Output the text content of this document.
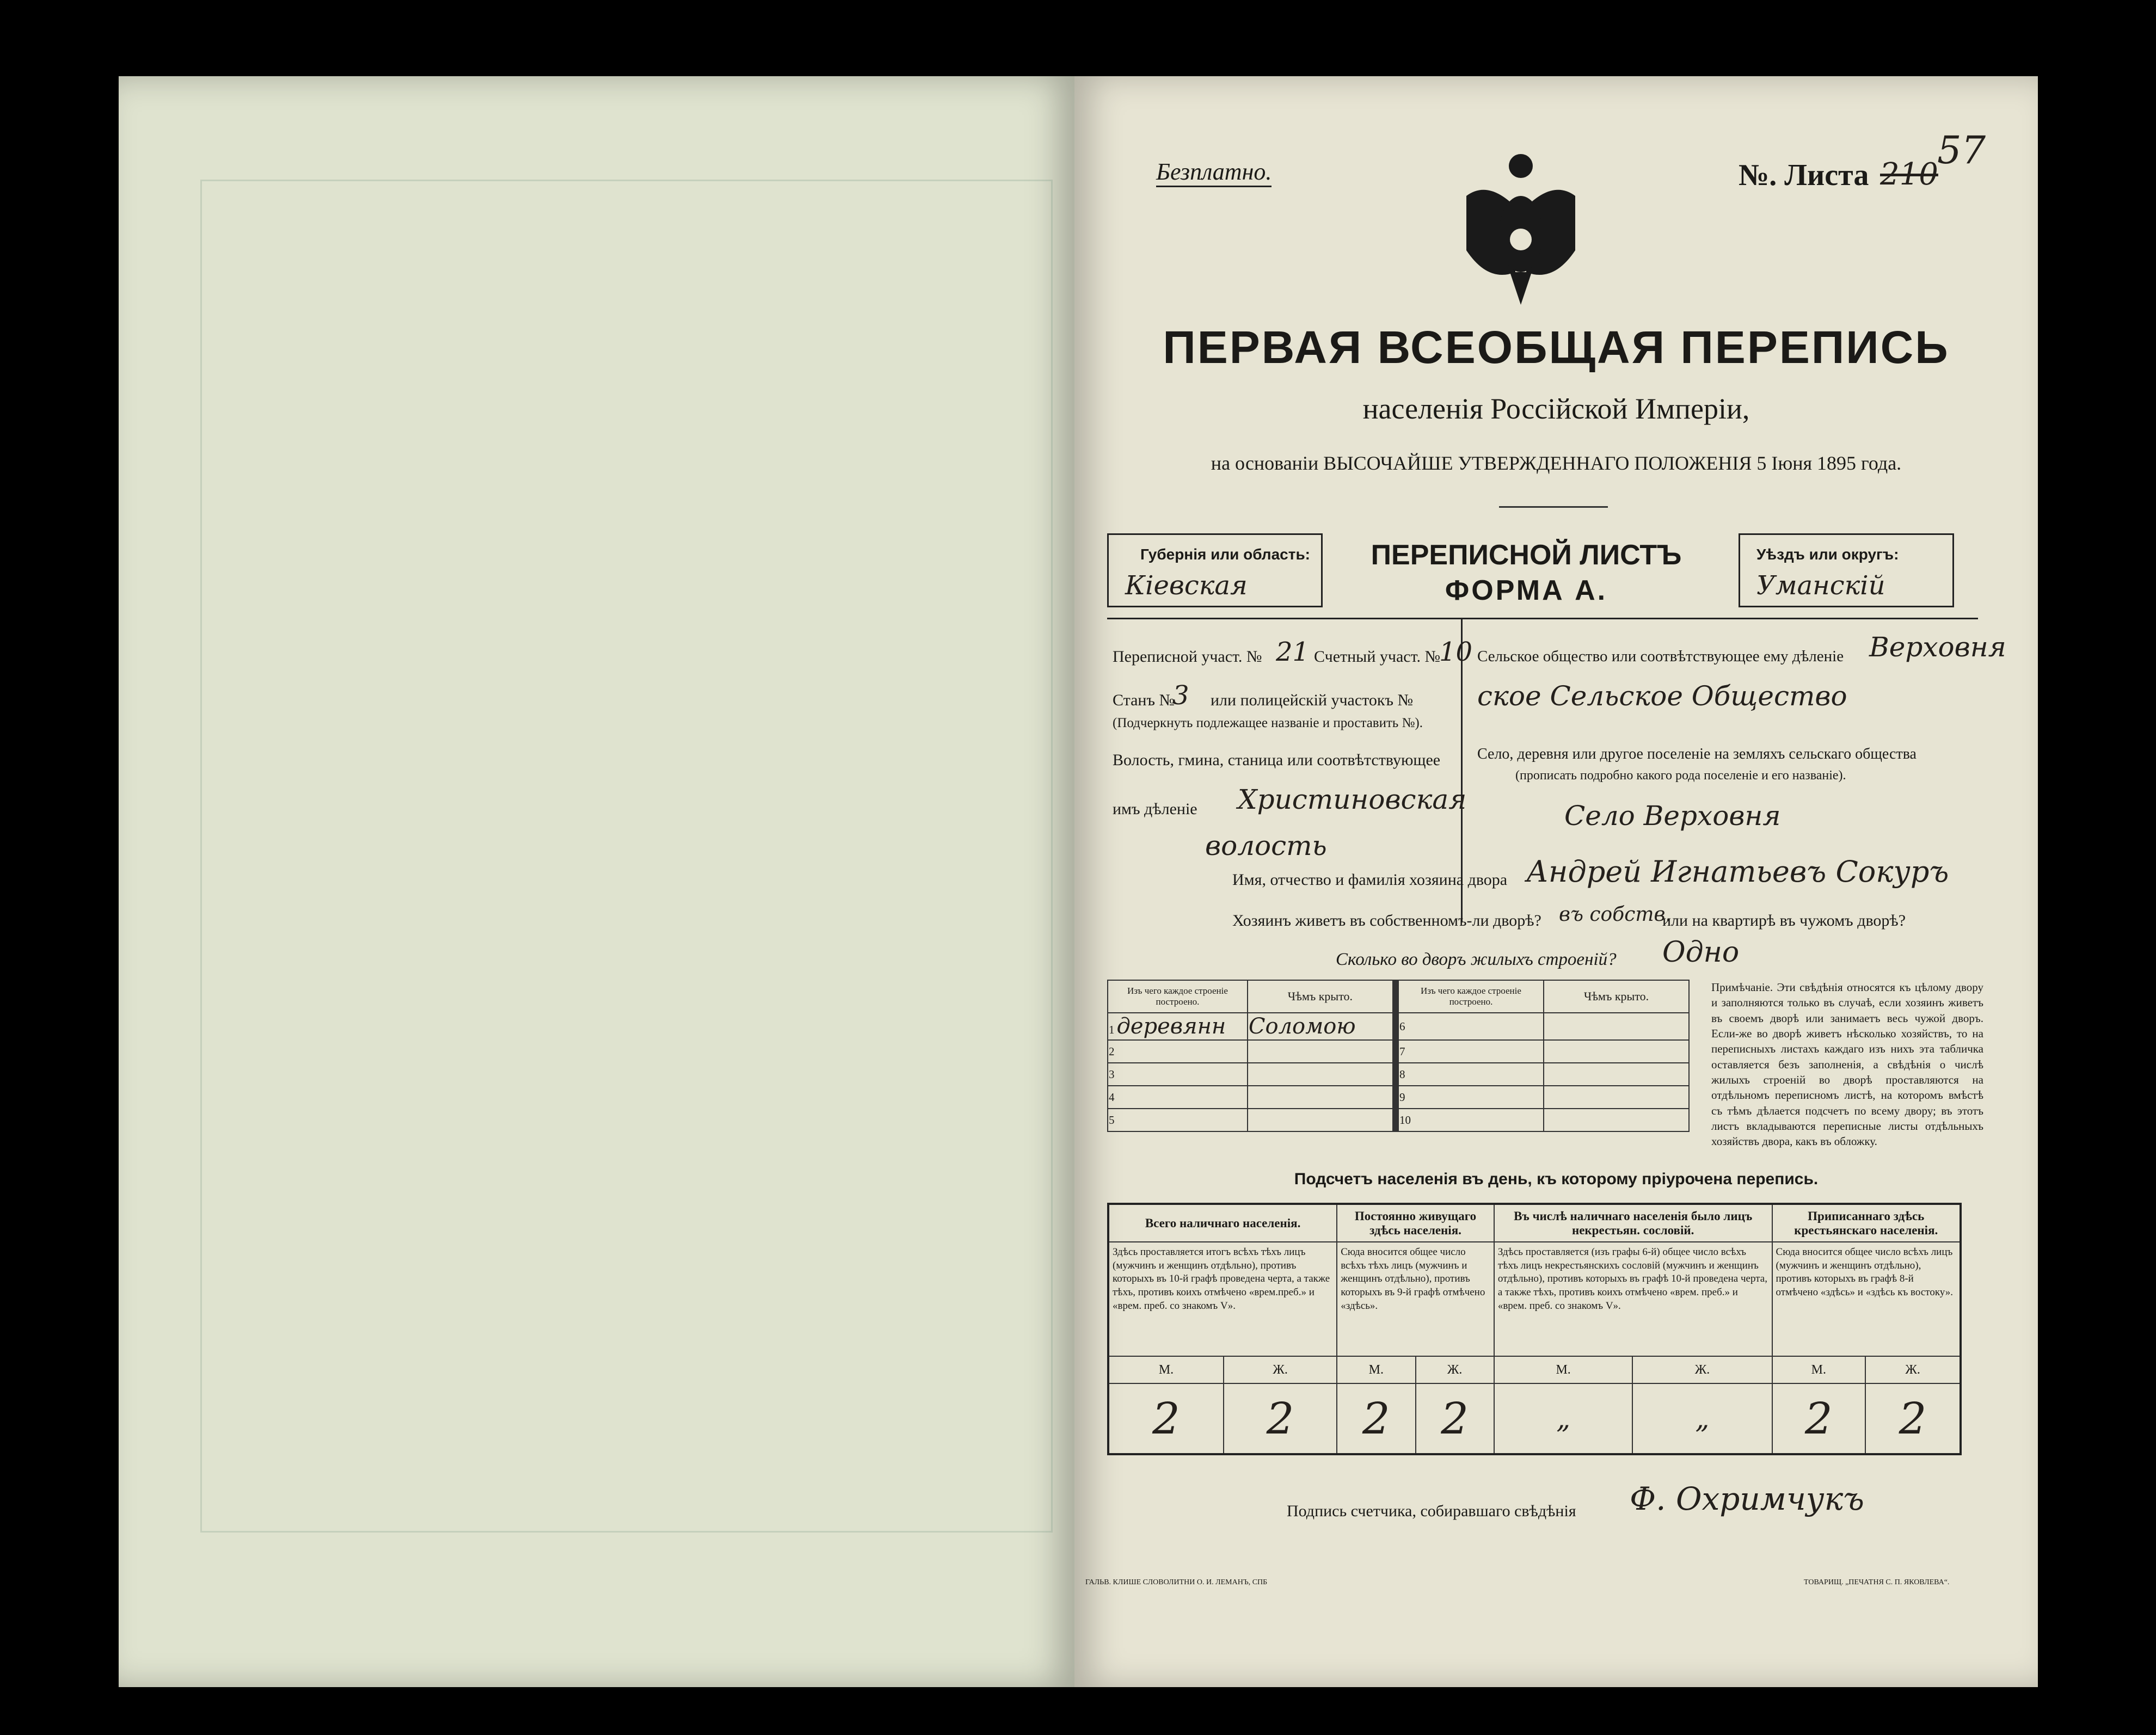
57
Безплатно.	№. Листа 210
ПЕРВАЯ ВСЕОБЩАЯ ПЕРЕПИСЬ
населенія Россійской Имперіи,
на основаніи ВЫСОЧАЙШЕ УТВЕРЖДЕННАГО ПОЛОЖЕНІЯ 5 Іюня 1895 года.
Губернія или область:
Кіевская
ПЕРЕПИСНОЙ ЛИСТЪ
ФОРМА А.
Уѣздъ или округъ:
Уманскій
Переписной участ. № 21 Счетный участ. №
10
Станъ №
3 или полицейскій участокъ №
(Подчеркнуть подлежащее названіе и проставить №).
Волость, гмина, станица или соотвѣтствующее
имъ дѣленіе Христиновская
волость
Сельское общество или соотвѣтствующее ему дѣленіе Верховня
ское Сельское Общество
Село, деревня или другое поселеніе на земляхъ сельскаго общества
(прописать подробно какого рода поселеніе и его названіе).
Село Верховня
Имя, отчество и фамилія хозяина двора Андрей Игнатьевъ Сокуръ
Хозяинъ живетъ въ собственномъ-ли дворѣ? въ собств.
или на квартирѣ въ чужомъ дворѣ?
Сколько во дворъ жилыхъ строеній? Одно
Изъ чего каждое строеніе построено.	Чѣмъ крыто.		Изъ чего каждое строеніе построено.	Чѣмъ крыто.
1 деревянн	Соломою		6	
2			7	
3			8	
4			9	
5			10	
Примѣчаніе. Эти свѣдѣнія относятся къ цѣлому двору и заполняются только въ случаѣ, если хозяинъ живетъ въ своемъ дворѣ или занимаетъ весь чужой дворъ. Если-же во дворѣ живетъ нѣсколько хозяйствъ, то на переписныхъ листахъ каждаго изъ нихъ эта табличка оставляется безъ заполненія, а свѣдѣнія о числѣ жилыхъ строеній во дворѣ проставляются на отдѣльномъ переписномъ листѣ, на которомъ вмѣстѣ съ тѣмъ дѣлается подсчетъ по всему двору; въ этотъ листъ вкладываются переписные листы отдѣльныхъ хозяйствъ двора, какъ въ обложку.
Подсчетъ населенія въ день, къ которому пріурочена перепись.
Всего наличнаго населенія.		Постоянно живущаго здѣсь населенія.		Въ числѣ наличнаго населенія было лицъ некрестьян. сословій.		Приписаннаго здѣсь крестьянскаго населенія.	
Здѣсь проставляется итогъ всѣхъ тѣхъ лицъ (мужчинъ и женщинъ отдѣльно), противъ которыхъ въ 10-й графѣ проведена черта, а также тѣхъ, противъ коихъ отмѣчено «врем.преб.» и «врем. преб. со знакомъ V».		Сюда вносится общее число всѣхъ тѣхъ лицъ (мужчинъ и женщинъ отдѣльно), противъ которыхъ въ 9-й графѣ отмѣчено «здѣсь».		Здѣсь проставляется (изъ графы 6-й) общее число всѣхъ тѣхъ лицъ некрестьянскихъ сословій (мужчинъ и женщинъ отдѣльно), противъ которыхъ въ графѣ 10-й проведена черта, а также тѣхъ, противъ коихъ отмѣчено «врем. преб.» и «врем. преб. со знакомъ V».		Сюда вносится общее число всѣхъ лицъ (мужчинъ и женщинъ отдѣльно), противъ которыхъ въ графѣ 8-й отмѣчено «здѣсь» и «здѣсь къ востоку».	
М.	Ж.	М.	Ж.	М.	Ж.	М.	Ж.
2	2	2	2	„	„	2	2
Подпись счетчика, собиравшаго свѣдѣнія Ф. Охримчукъ
ГАЛЬВ. КЛИШЕ СЛОВОЛИТНИ О. И. ЛЕМАНЪ, СПБ	ТОВАРИЩ. „ПЕЧАТНЯ С. П. ЯКОВЛЕВА“.
